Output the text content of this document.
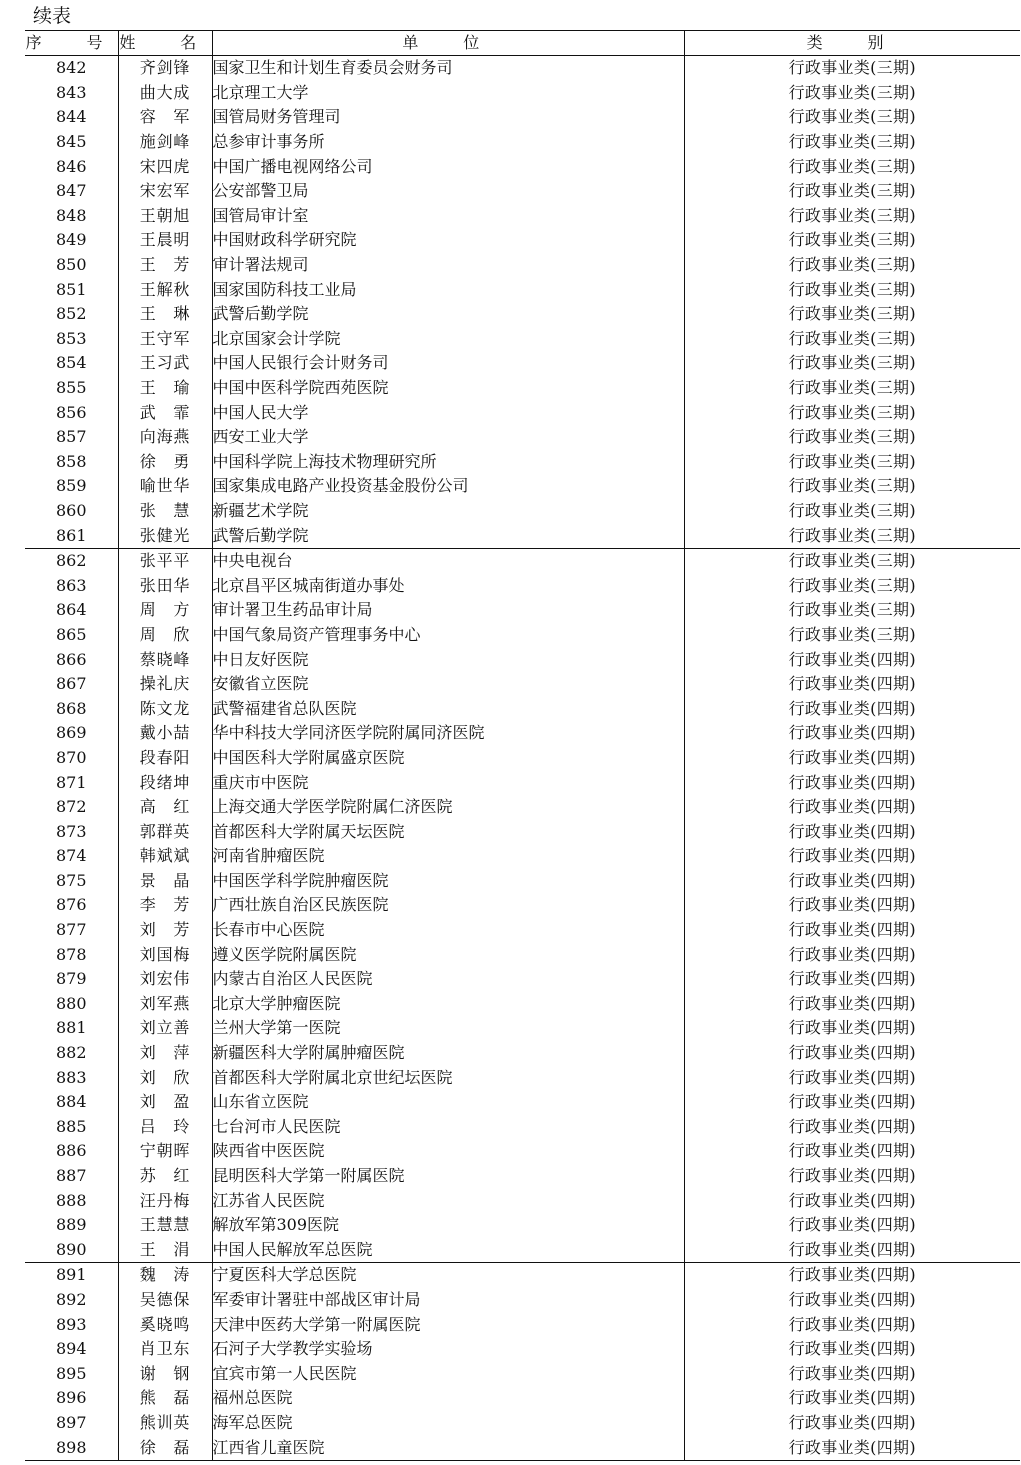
续表
序　号	姓　名	单　位	类　别
842	齐剑锋	国家卫生和计划生育委员会财务司	行政事业类(三期)
843	曲大成	北京理工大学	行政事业类(三期)
844	容　军	国管局财务管理司	行政事业类(三期)
845	施剑峰	总参审计事务所	行政事业类(三期)
846	宋四虎	中国广播电视网络公司	行政事业类(三期)
847	宋宏军	公安部警卫局	行政事业类(三期)
848	王朝旭	国管局审计室	行政事业类(三期)
849	王晨明	中国财政科学研究院	行政事业类(三期)
850	王　芳	审计署法规司	行政事业类(三期)
851	王解秋	国家国防科技工业局	行政事业类(三期)
852	王　琳	武警后勤学院	行政事业类(三期)
853	王守军	北京国家会计学院	行政事业类(三期)
854	王习武	中国人民银行会计财务司	行政事业类(三期)
855	王　瑜	中国中医科学院西苑医院	行政事业类(三期)
856	武　霏	中国人民大学	行政事业类(三期)
857	向海燕	西安工业大学	行政事业类(三期)
858	徐　勇	中国科学院上海技术物理研究所	行政事业类(三期)
859	喻世华	国家集成电路产业投资基金股份公司	行政事业类(三期)
860	张　慧	新疆艺术学院	行政事业类(三期)
861	张健光	武警后勤学院	行政事业类(三期)
862	张平平	中央电视台	行政事业类(三期)
863	张田华	北京昌平区城南街道办事处	行政事业类(三期)
864	周　方	审计署卫生药品审计局	行政事业类(三期)
865	周　欣	中国气象局资产管理事务中心	行政事业类(三期)
866	蔡晓峰	中日友好医院	行政事业类(四期)
867	操礼庆	安徽省立医院	行政事业类(四期)
868	陈文龙	武警福建省总队医院	行政事业类(四期)
869	戴小喆	华中科技大学同济医学院附属同济医院	行政事业类(四期)
870	段春阳	中国医科大学附属盛京医院	行政事业类(四期)
871	段绪坤	重庆市中医院	行政事业类(四期)
872	高　红	上海交通大学医学院附属仁济医院	行政事业类(四期)
873	郭群英	首都医科大学附属天坛医院	行政事业类(四期)
874	韩斌斌	河南省肿瘤医院	行政事业类(四期)
875	景　晶	中国医学科学院肿瘤医院	行政事业类(四期)
876	李　芳	广西壮族自治区民族医院	行政事业类(四期)
877	刘　芳	长春市中心医院	行政事业类(四期)
878	刘国梅	遵义医学院附属医院	行政事业类(四期)
879	刘宏伟	内蒙古自治区人民医院	行政事业类(四期)
880	刘军燕	北京大学肿瘤医院	行政事业类(四期)
881	刘立善	兰州大学第一医院	行政事业类(四期)
882	刘　萍	新疆医科大学附属肿瘤医院	行政事业类(四期)
883	刘　欣	首都医科大学附属北京世纪坛医院	行政事业类(四期)
884	刘　盈	山东省立医院	行政事业类(四期)
885	吕　玲	七台河市人民医院	行政事业类(四期)
886	宁朝晖	陕西省中医医院	行政事业类(四期)
887	苏　红	昆明医科大学第一附属医院	行政事业类(四期)
888	汪丹梅	江苏省人民医院	行政事业类(四期)
889	王慧慧	解放军第309医院	行政事业类(四期)
890	王　涓	中国人民解放军总医院	行政事业类(四期)
891	魏　涛	宁夏医科大学总医院	行政事业类(四期)
892	吴德保	军委审计署驻中部战区审计局	行政事业类(四期)
893	奚晓鸣	天津中医药大学第一附属医院	行政事业类(四期)
894	肖卫东	石河子大学教学实验场	行政事业类(四期)
895	谢　钢	宜宾市第一人民医院	行政事业类(四期)
896	熊　磊	福州总医院	行政事业类(四期)
897	熊训英	海军总医院	行政事业类(四期)
898	徐　磊	江西省儿童医院	行政事业类(四期)
